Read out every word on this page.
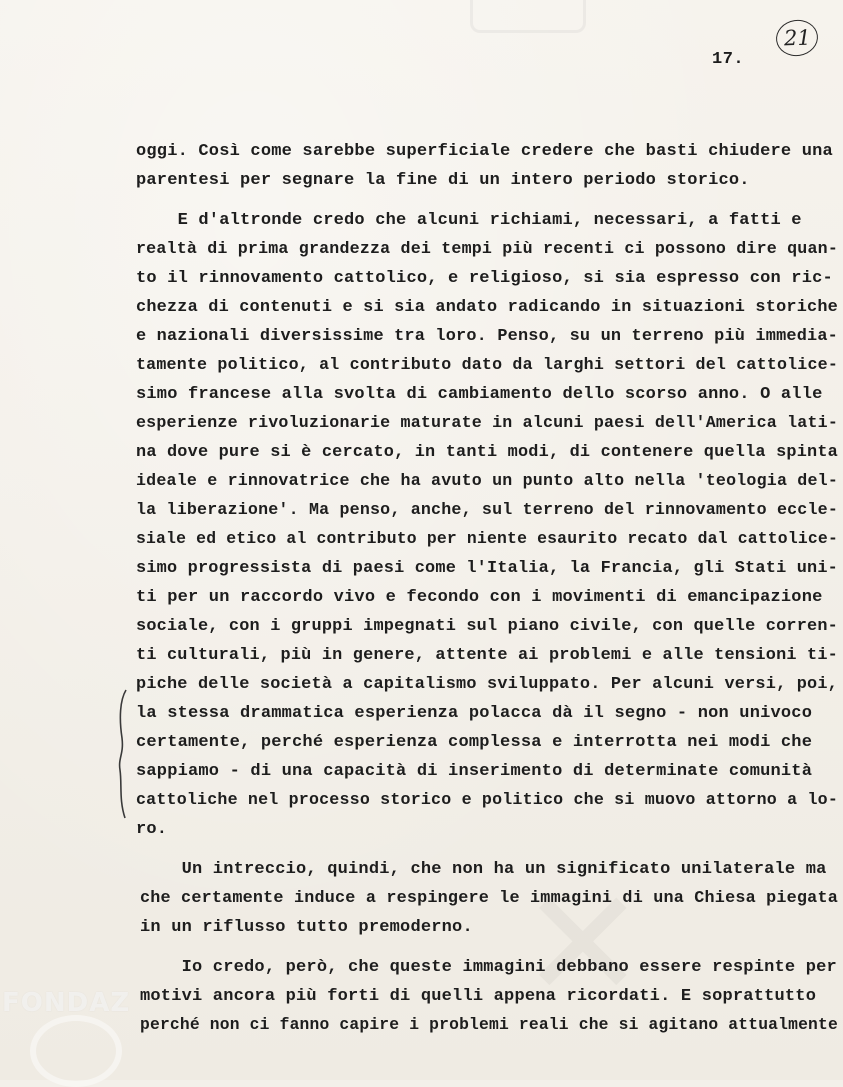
FONDAZ
17.
21
oggi. Così come sarebbe superficiale credere che basti chiudere una
parentesi per segnare la fine di un intero periodo storico.
E d'altronde credo che alcuni richiami, necessari, a fatti e
realtà di prima grandezza dei tempi più recenti ci possono dire quan-
to il rinnovamento cattolico, e religioso, si sia espresso con ric-
chezza di contenuti e si sia andato radicando in situazioni storiche
e nazionali diversissime tra loro. Penso, su un terreno più immedia-
tamente politico, al contributo dato da larghi settori del cattolice-
simo francese alla svolta di cambiamento dello scorso anno. O alle
esperienze rivoluzionarie maturate in alcuni paesi dell'America lati-
na dove pure si è cercato, in tanti modi, di contenere quella spinta
ideale e rinnovatrice che ha avuto un punto alto nella 'teologia del-
la liberazione'. Ma penso, anche, sul terreno del rinnovamento eccle-
siale ed etico al contributo per niente esaurito recato dal cattolice-
simo progressista di paesi come l'Italia, la Francia, gli Stati uni-
ti per un raccordo vivo e fecondo con i movimenti di emancipazione
sociale, con i gruppi impegnati sul piano civile, con quelle corren-
ti culturali, più in genere, attente ai problemi e alle tensioni ti-
piche delle società a capitalismo sviluppato. Per alcuni versi, poi,
la stessa drammatica esperienza polacca dà il segno - non univoco
certamente, perché esperienza complessa e interrotta nei modi che
sappiamo - di una capacità di inserimento di determinate comunità
cattoliche nel processo storico e politico che si muovo attorno a lo-
ro.
Un intreccio, quindi, che non ha un significato unilaterale ma
che certamente induce a respingere le immagini di una Chiesa piegata
in un riflusso tutto premoderno.
Io credo, però, che queste immagini debbano essere respinte per
motivi ancora più forti di quelli appena ricordati. E soprattutto
perché non ci fanno capire i problemi reali che si agitano attualmente
